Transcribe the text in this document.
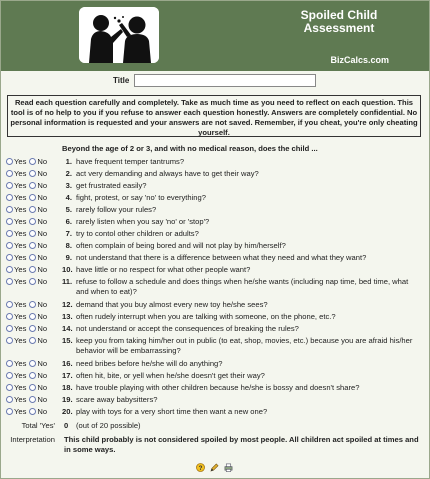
Spoiled Child
Assessment
BizCalcs.com
Title
Read each question carefully and completely. Take as much time as you need to reflect on each question. This tool is of no help to you if you refuse to answer each question honestly. Answers are completely confidential. No personal information is requested and your answers are not saved. Remember, if you cheat, you're only cheating yourself.
Beyond the age of 2 or 3, and with no medical reason, does the child ...
Yes No	1. have frequent temper tantrums?
Yes No	2. act very demanding and always have to get their way?
Yes No	3. get frustrated easily?
Yes No	4. fight, protest, or say 'no' to everything?
Yes No	5. rarely follow your rules?
Yes No	6. rarely listen when you say 'no' or 'stop'?
Yes No	7. try to contol other children or adults?
Yes No	8. often complain of being bored and will not play by him/herself?
Yes No	9. not understand that there is a difference between what they need and what they want?
Yes No	10. have little or no respect for what other people want?
Yes No	11. refuse to follow a schedule and does things when he/she wants (including nap time, bed time, what and when to eat)?
Yes No	12. demand that you buy almost every new toy he/she sees?
Yes No	13. often rudely interrupt when you are talking with someone, on the phone, etc.?
Yes No	14. not understand or accept the consequences of breaking the rules?
Yes No	15. keep you from taking him/her out in public (to eat, shop, movies, etc.) because you are afraid his/her behavior will be embarrassing?
Yes No	16. need bribes before he/she will do anything?
Yes No	17. often hit, bite, or yell when he/she doesn't get their way?
Yes No	18. have trouble playing with other children because he/she is bossy and doesn't share?
Yes No	19. scare away babysitters?
Yes No	20. play with toys for a very short time then want a new one?
Total 'Yes' 0 (out of 20 possible)
Interpretation This child probably is not considered spoiled by most people. All children act spoiled at times and in some ways.
?
